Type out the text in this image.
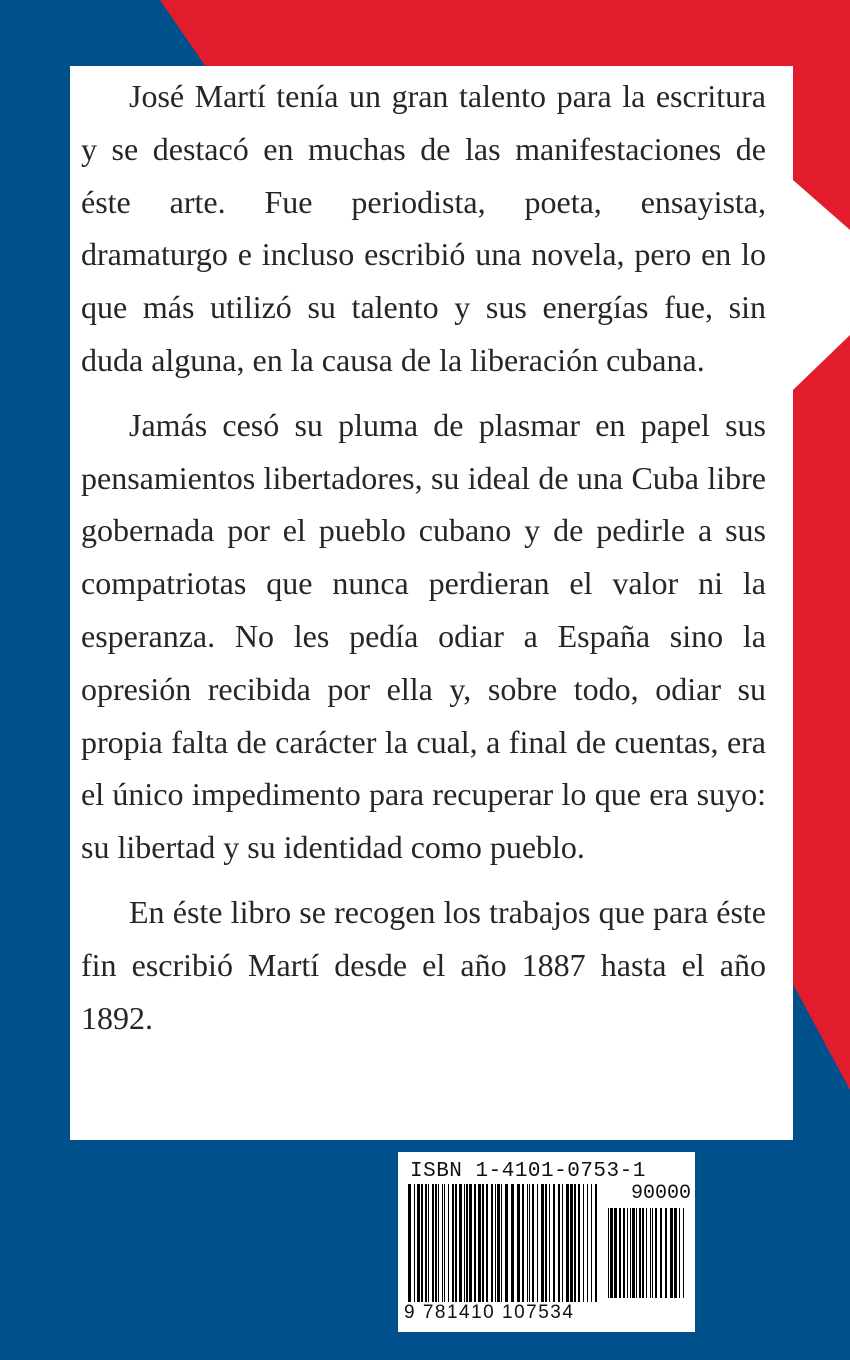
José Martí tenía un gran talento para la escritura y se destacó en muchas de las manifestaciones de éste arte. Fue periodista, poeta, ensayista, dramaturgo e incluso escribió una novela, pero en lo que más utilizó su talento y sus energías fue, sin duda alguna, en la causa de la liberación cubana.

Jamás cesó su pluma de plasmar en papel sus pensamientos libertadores, su ideal de una Cuba libre gobernada por el pueblo cubano y de pedirle a sus compatriotas que nunca perdieran el valor ni la esperanza. No les pedía odiar a España sino la opresión recibida por ella y, sobre todo, odiar su propia falta de carácter la cual, a final de cuentas, era el único impedimento para recuperar lo que era suyo: su libertad y su identidad como pueblo.

En éste libro se recogen los trabajos que para éste fin escribió Martí desde el año 1887 hasta el año 1892.

ISBN 1-4101-0753-1
90000
9 781410 107534
